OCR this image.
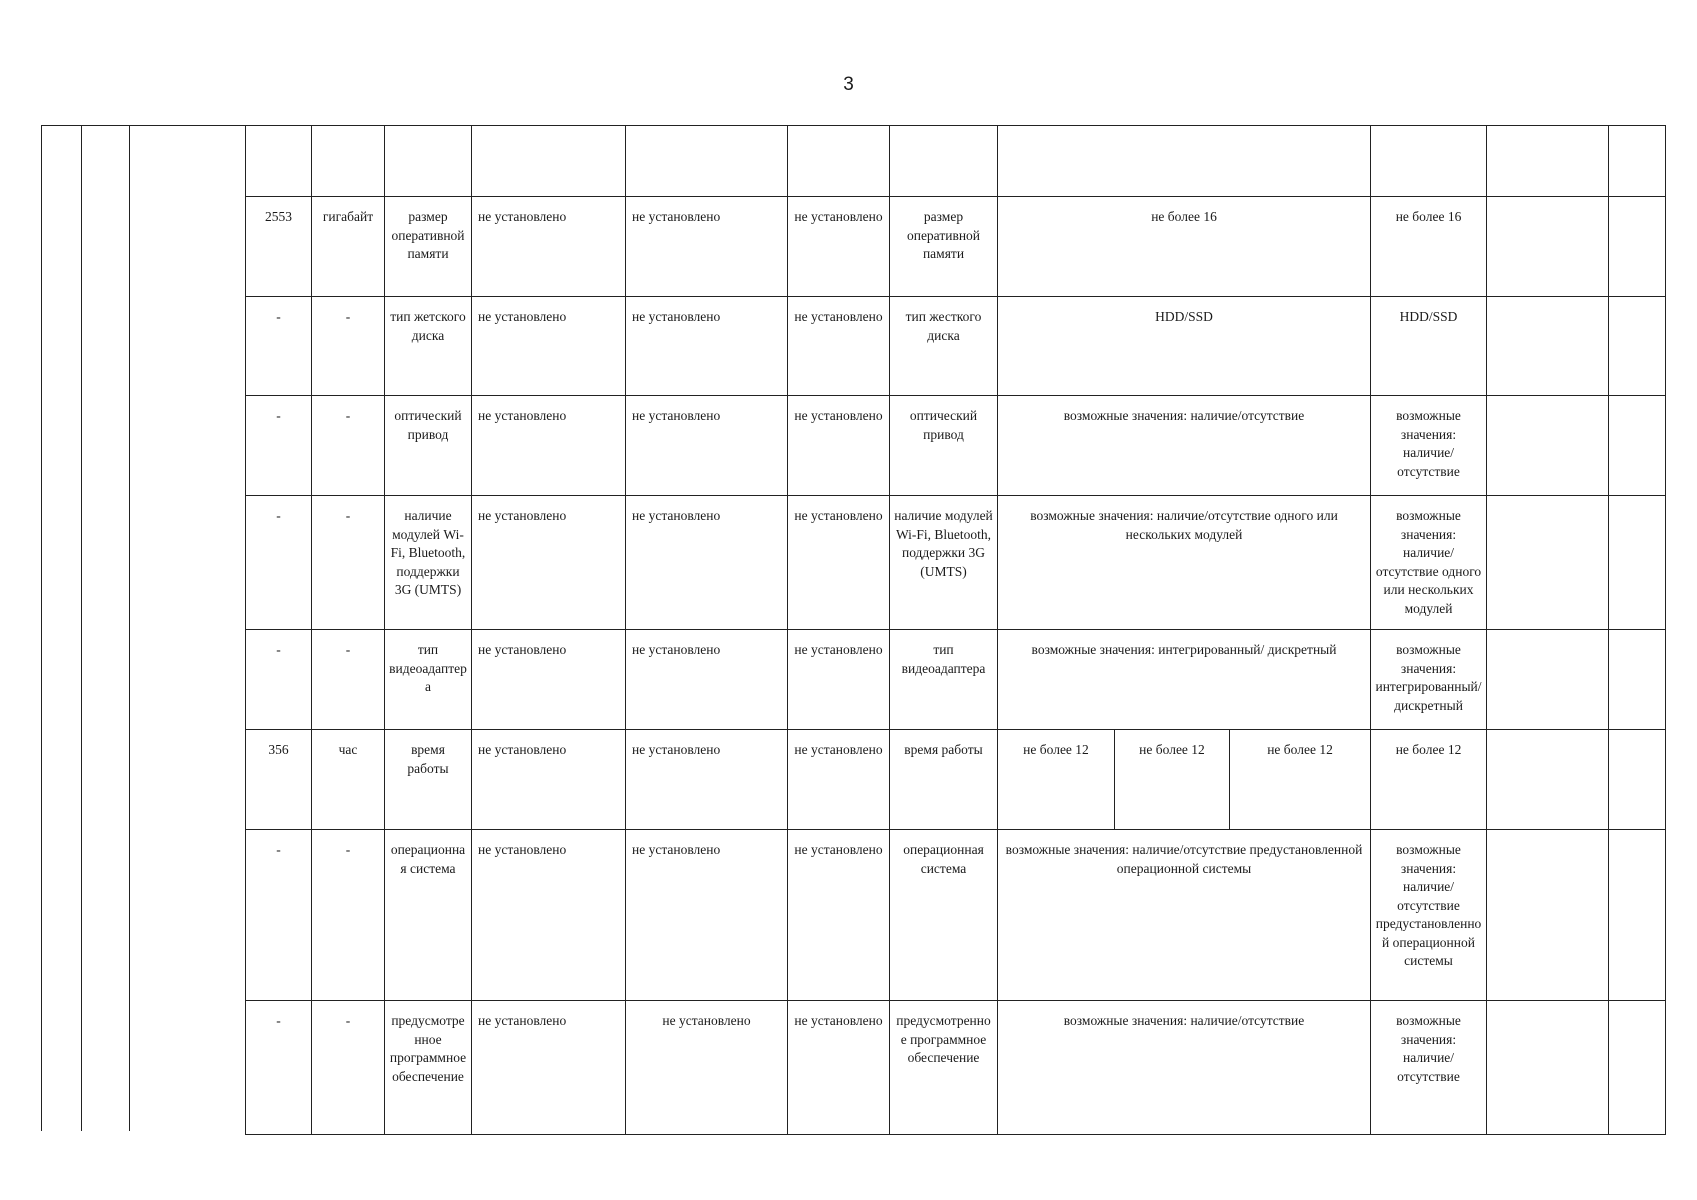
3

2553	гигабайт	размер оперативной памяти	не установлено	не установлено	не установлено	размер оперативной памяти	не более 16			не более 16		
-	-	тип жетского диска	не установлено	не установлено	не установлено	тип жесткого диска	HDD/SSD			HDD/SSD		
-	-	оптический привод	не установлено	не установлено	не установлено	оптический привод	возможные значения: наличие/отсутствие			возможные значения: наличие/отсутствие		
-	-	наличие модулей Wi-Fi, Bluetooth, поддержки 3G (UMTS)	не установлено	не установлено	не установлено	наличие модулей Wi-Fi, Bluetooth, поддержки 3G (UMTS)	возможные значения: наличие/отсутствие одного или нескольких модулей			возможные значения: наличие/отсутствие одного или нескольких модулей		
-	-	тип видеоадаптера	не установлено	не установлено	не установлено	тип видеоадаптера	возможные значения: интегрированный/ дискретный			возможные значения: интегрированный/ дискретный		
356	час	время работы	не установлено	не установлено	не установлено	время работы	не более 12	не более 12	не более 12	не более 12		
-	-	операционная система	не установлено	не установлено	не установлено	операционная система	возможные значения: наличие/отсутствие предустановленной операционной системы			возможные значения: наличие/отсутствие предустановленной операционной системы		
-	-	предусмотренное программное обеспечение	не установлено	не установлено	не установлено	предусмотренное программное обеспечение	возможные значения: наличие/отсутствие			возможные значения: наличие/отсутствие		
